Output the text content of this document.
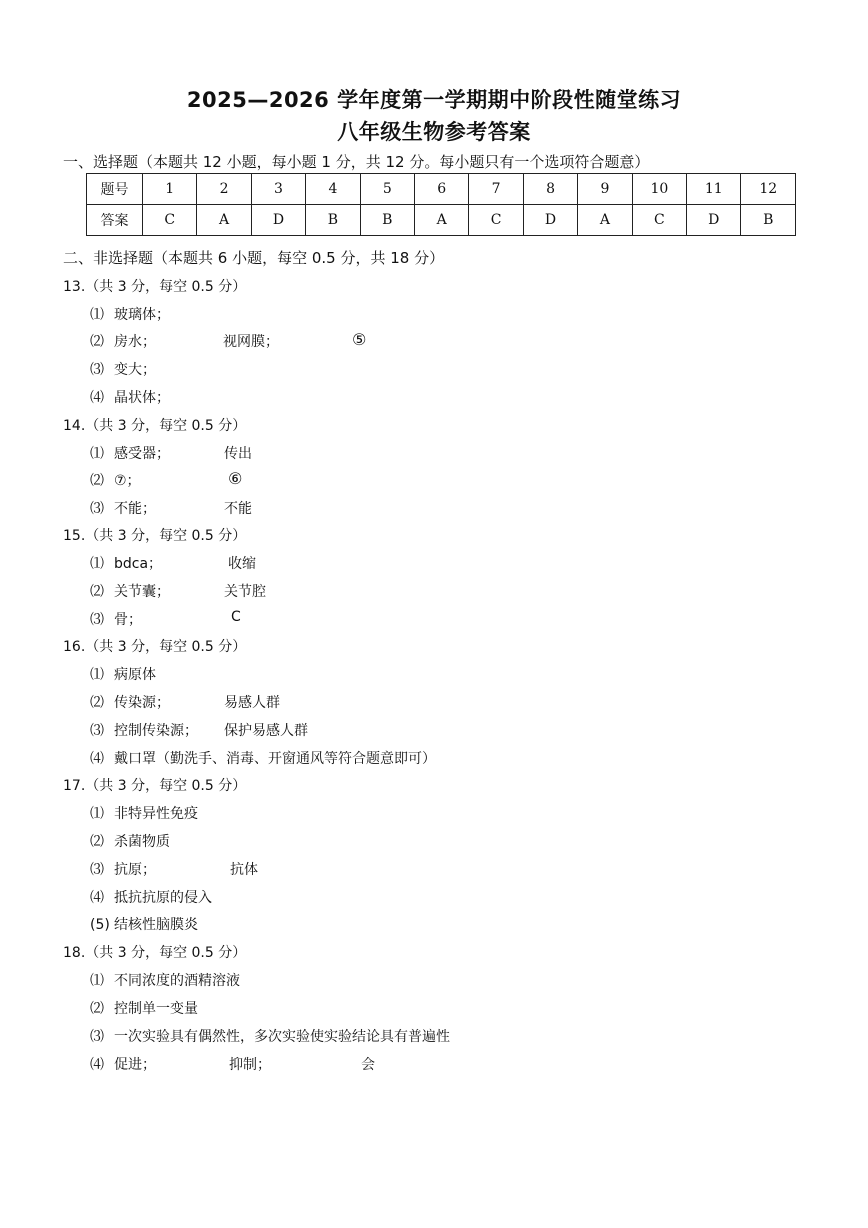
2025—2026 学年度第一学期期中阶段性随堂练习
八年级生物参考答案
一、选择题（本题共 12 小题，每小题 1 分，共 12 分。每小题只有一个选项符合题意）
题号	1	2	3	4	5	6	7	8	9	10	11	12
答案	C	A	D	B	B	A	C	D	A	C	D	B
二、非选择题（本题共 6 小题，每空 0.5 分，共 18 分）
13.（共 3 分，每空 0.5 分）
⑴ 玻璃体；
⑵ 房水；	视网膜；	⑤
⑶ 变大；
⑷ 晶状体；
14.（共 3 分，每空 0.5 分）
⑴ 感受器；	传出
⑵ ⑦；	⑥
⑶ 不能；	不能
15.（共 3 分，每空 0.5 分）
⑴ bdca；	收缩
⑵ 关节囊；	关节腔
⑶ 骨；	C
16.（共 3 分，每空 0.5 分）
⑴ 病原体
⑵ 传染源；	易感人群
⑶ 控制传染源； 保护易感人群
⑷ 戴口罩（勤洗手、消毒、开窗通风等符合题意即可）
17.（共 3 分，每空 0.5 分）
⑴ 非特异性免疫
⑵ 杀菌物质
⑶ 抗原；	抗体
⑷ 抵抗抗原的侵入
(5) 结核性脑膜炎
18.（共 3 分，每空 0.5 分）
⑴ 不同浓度的酒精溶液
⑵ 控制单一变量
⑶ 一次实验具有偶然性，多次实验使实验结论具有普遍性
⑷ 促进；	抑制；	会
